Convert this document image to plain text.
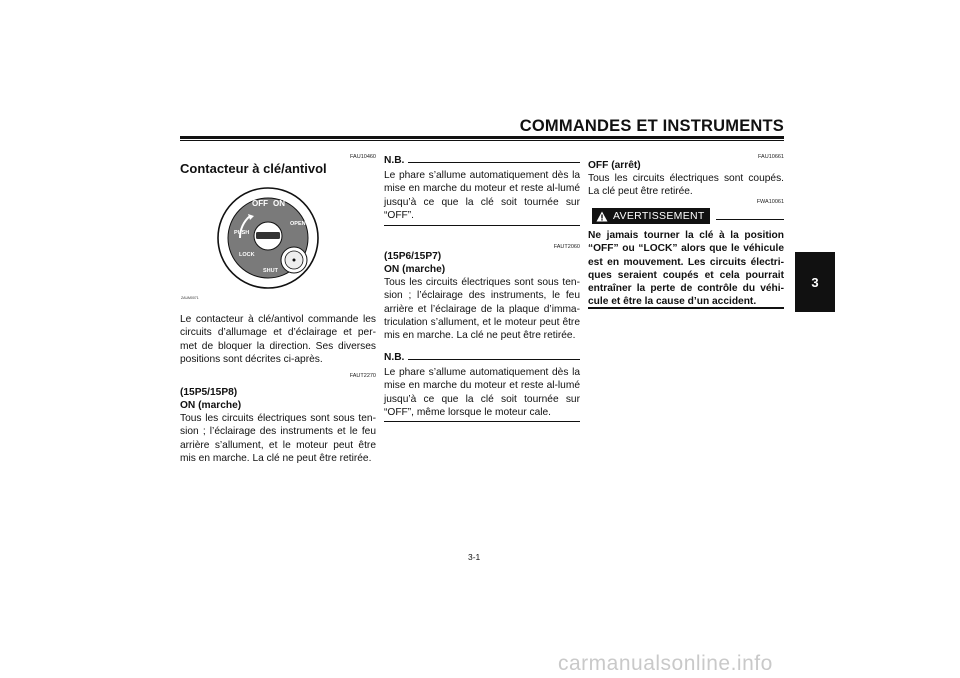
COMMANDES ET INSTRUMENTS
3
FAU10460
Contacteur à clé/antivol
OFF ON
OPEN
PUSH
LOCK
SHUT
ZAUM0071

Le contacteur à clé/antivol commande les circuits d’allumage et d’éclairage et per-met de bloquer la direction. Ses diverses positions sont décrites ci-après.

FAUT2270
(15P5/15P8)
ON (marche)

Tous les circuits électriques sont sous ten-sion ; l’éclairage des instruments et le feu arrière s’allument, et le moteur peut être mis en marche. La clé ne peut être retirée.

N.B.

Le phare s’allume automatiquement dès la mise en marche du moteur et reste al-lumé jusqu’à ce que la clé soit tournée sur “OFF”.

FAUT2060
(15P6/15P7)
ON (marche)

Tous les circuits électriques sont sous ten-sion ; l’éclairage des instruments, le feu arrière et l’éclairage de la plaque d’imma-triculation s’allument, et le moteur peut être mis en marche. La clé ne peut être retirée.

N.B.

Le phare s’allume automatiquement dès la mise en marche du moteur et reste al-lumé jusqu’à ce que la clé soit tournée sur “OFF”, même lorsque le moteur cale.

FAU10661
OFF (arrêt)

Tous les circuits électriques sont coupés. La clé peut être retirée.

FWA10061
AVERTISSEMENT

Ne jamais tourner la clé à la position “OFF” ou “LOCK” alors que le véhicule est en mouvement. Les circuits électri-ques seraient coupés et cela pourrait entraîner la perte de contrôle du véhi-cule et être la cause d’un accident.

3-1
carmanualsonline.info
